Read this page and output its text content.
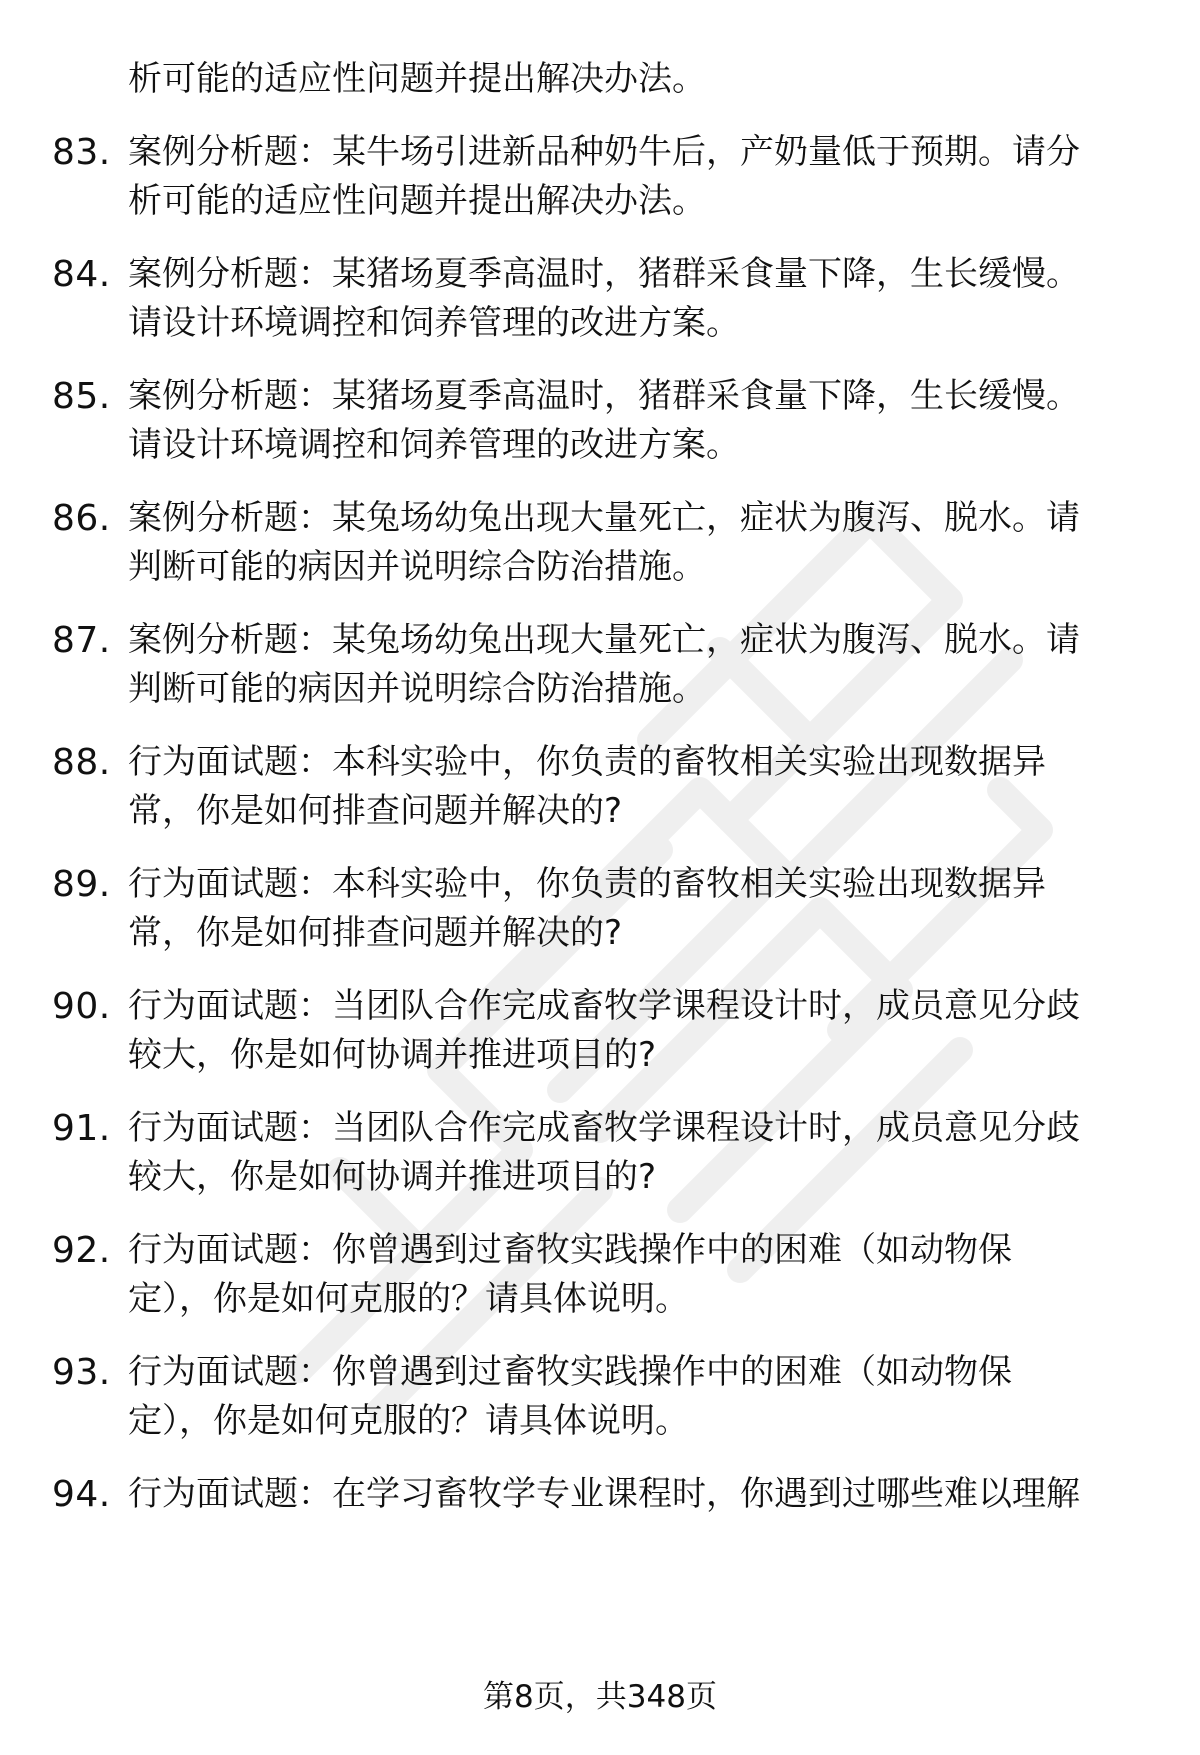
析可能的适应性问题并提出解决办法。
83. 案例分析题：某牛场引进新品种奶牛后，产奶量低于预期。请分
析可能的适应性问题并提出解决办法。
84. 案例分析题：某猪场夏季高温时，猪群采食量下降，生长缓慢。
请设计环境调控和饲养管理的改进方案。
85. 案例分析题：某猪场夏季高温时，猪群采食量下降，生长缓慢。
请设计环境调控和饲养管理的改进方案。
86. 案例分析题：某兔场幼兔出现大量死亡，症状为腹泻、脱水。请
判断可能的病因并说明综合防治措施。
87. 案例分析题：某兔场幼兔出现大量死亡，症状为腹泻、脱水。请
判断可能的病因并说明综合防治措施。
88. 行为面试题：本科实验中，你负责的畜牧相关实验出现数据异
常，你是如何排查问题并解决的?
89. 行为面试题：本科实验中，你负责的畜牧相关实验出现数据异
常，你是如何排查问题并解决的?
90. 行为面试题：当团队合作完成畜牧学课程设计时，成员意见分歧
较大，你是如何协调并推进项目的?
91. 行为面试题：当团队合作完成畜牧学课程设计时，成员意见分歧
较大，你是如何协调并推进项目的?
92. 行为面试题：你曾遇到过畜牧实践操作中的困难（如动物保
定），你是如何克服的？请具体说明。
93. 行为面试题：你曾遇到过畜牧实践操作中的困难（如动物保
定），你是如何克服的？请具体说明。
94. 行为面试题：在学习畜牧学专业课程时，你遇到过哪些难以理解
第8页，共348页
